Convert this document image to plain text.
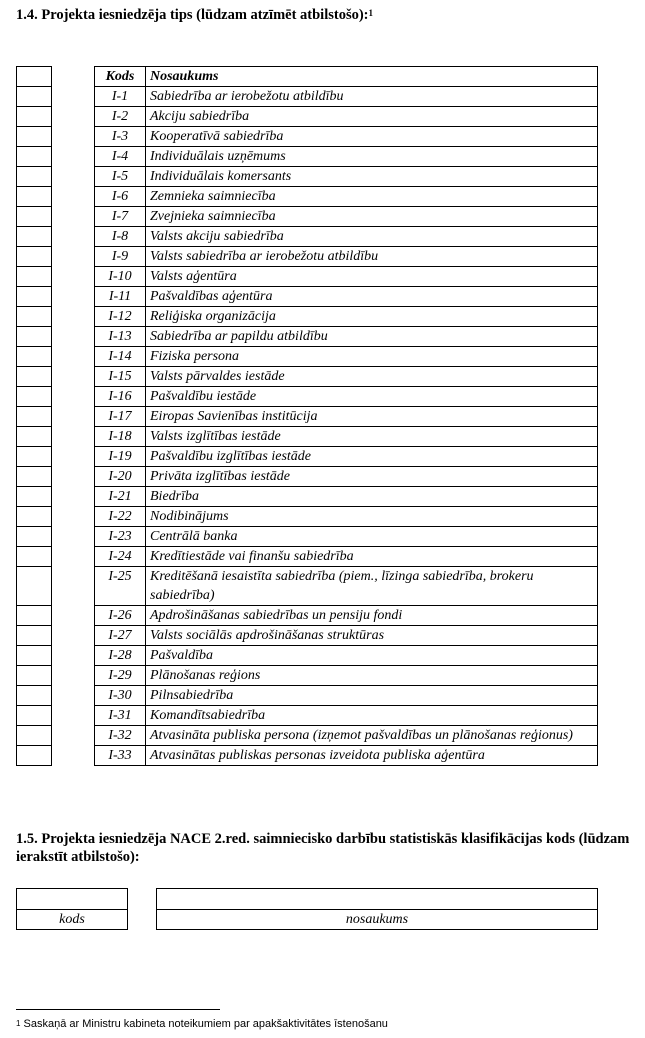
1.4. Projekta iesniedzēja tips (lūdzam atzīmēt atbilstošo):$^1$

Kods	Nosaukums
I-1	Sabiedrība ar ierobežotu atbildību
I-2	Akciju sabiedrība
I-3	Kooperatīvā sabiedrība
I-4	Individuālais uzņēmums
I-5	Individuālais komersants
I-6	Zemnieka saimniecība
I-7	Zvejnieka saimniecība
I-8	Valsts akciju sabiedrība
I-9	Valsts sabiedrība ar ierobežotu atbildību
I-10	Valsts aģentūra
I-11	Pašvaldības aģentūra
I-12	Reliģiska organizācija
I-13	Sabiedrība ar papildu atbildību
I-14	Fiziska persona
I-15	Valsts pārvaldes iestāde
I-16	Pašvaldību iestāde
I-17	Eiropas Savienības institūcija
I-18	Valsts izglītības iestāde
I-19	Pašvaldību izglītības iestāde
I-20	Privāta izglītības iestāde
I-21	Biedrība
I-22	Nodibinājums
I-23	Centrālā banka
I-24	Kredītiestāde vai finanšu sabiedrība
I-25	Kreditēšanā iesaistīta sabiedrība (piem., līzinga sabiedrība, brokeru sabiedrība)
I-26	Apdrošināšanas sabiedrības un pensiju fondi
I-27	Valsts sociālās apdrošināšanas struktūras
I-28	Pašvaldība
I-29	Plānošanas reģions
I-30	Pilnsabiedrība
I-31	Komandītsabiedrība
I-32	Atvasināta publiska persona (izņemot pašvaldības un plānošanas reģionus)
I-33	Atvasinātas publiskas personas izveidota publiska aģentūra
1.5. Projekta iesniedzēja NACE 2.red. saimniecisko darbību statistiskās klasifikācijas kods (lūdzam ierakstīt atbilstošo):

kods	nosaukums
$^1$ Saskaņā ar Ministru kabineta noteikumiem par apakšaktivitātes īstenošanu
